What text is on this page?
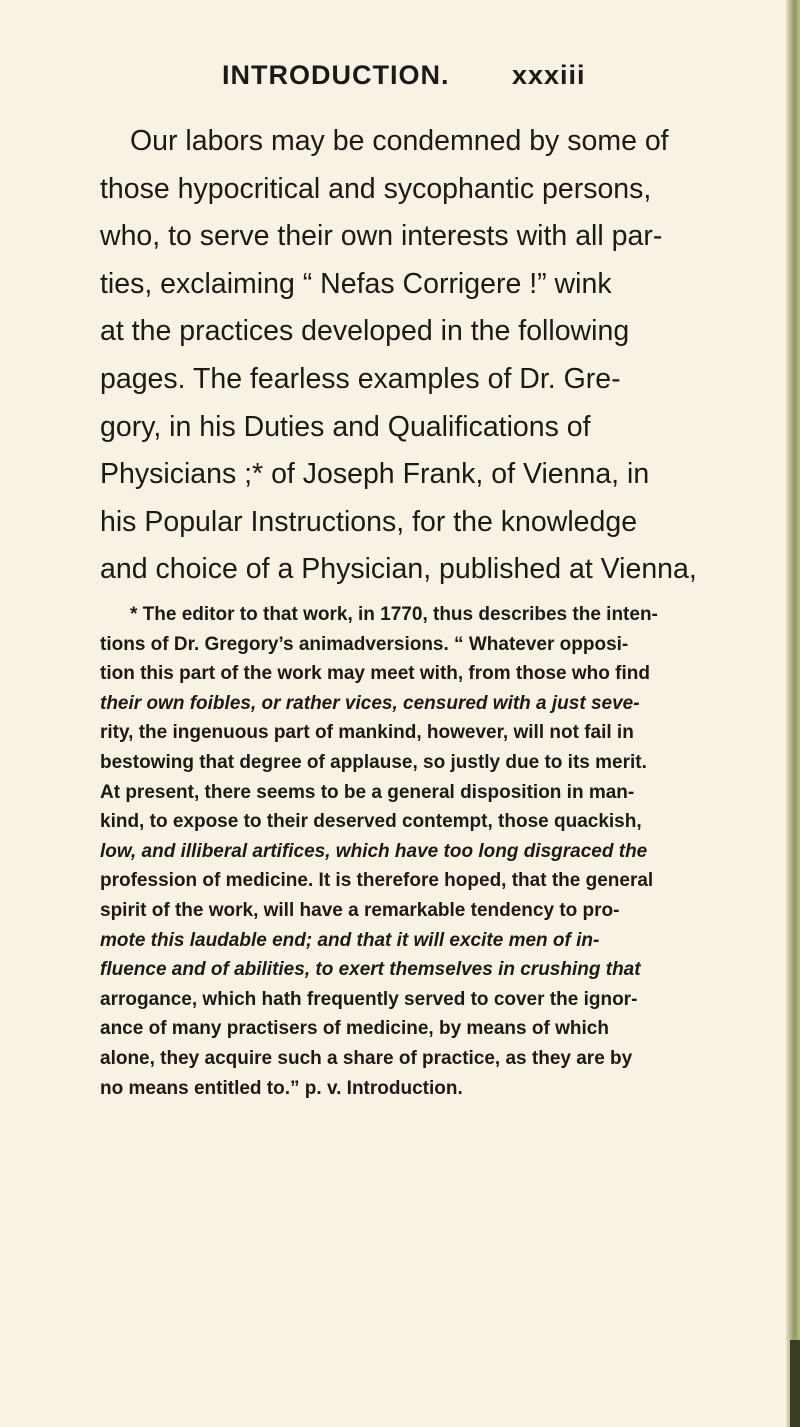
INTRODUCTION. xxxiii
Our labors may be condemned by some of
those hypocritical and sycophantic persons,
who, to serve their own interests with all par-
ties, exclaiming “ Nefas Corrigere !” wink
at the practices developed in the following
pages. The fearless examples of Dr. Gre-
gory, in his Duties and Qualifications of
Physicians ;* of Joseph Frank, of Vienna, in
his Popular Instructions, for the knowledge
and choice of a Physician, published at Vienna,
* The editor to that work, in 1770, thus describes the inten-
tions of Dr. Gregory’s animadversions. “ Whatever opposi-
tion this part of the work may meet with, from those who find
their own foibles, or rather vices, censured with a just seve-
rity, the ingenuous part of mankind, however, will not fail in
bestowing that degree of applause, so justly due to its merit.
At present, there seems to be a general disposition in man-
kind, to expose to their deserved contempt, those quackish,
low, and illiberal artifices, which have too long disgraced the
profession of medicine. It is therefore hoped, that the general
spirit of the work, will have a remarkable tendency to pro-
mote this laudable end; and that it will excite men of in-
fluence and of abilities, to exert themselves in crushing that
arrogance, which hath frequently served to cover the ignor-
ance of many practisers of medicine, by means of which
alone, they acquire such a share of practice, as they are by
no means entitled to.” p. v. Introduction.
